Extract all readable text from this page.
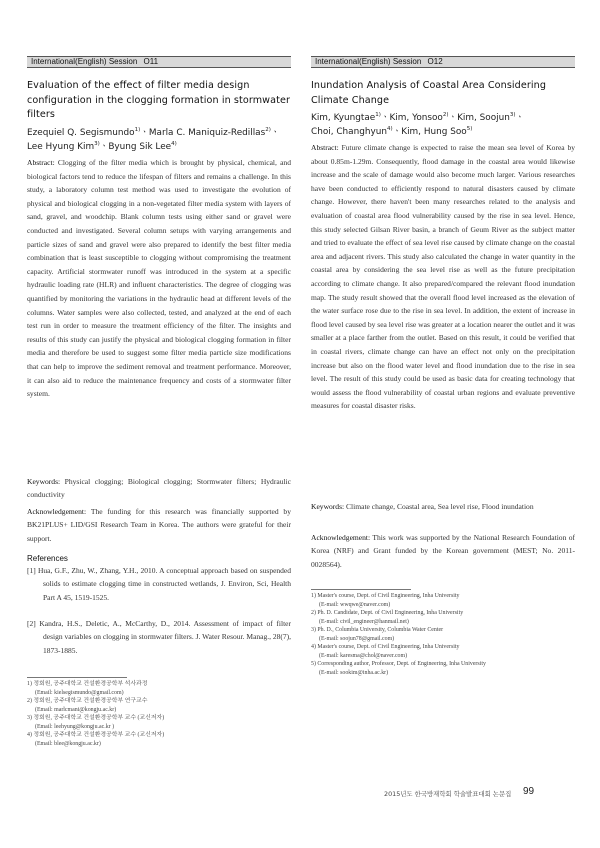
International(English) Session O11
Evaluation of the effect of filter media design configuration in the clogging formation in stormwater filters
Ezequiel Q. Segismundo$^{1)}$ㆍMarla C. Maniquiz-Redillas$^{2)}$ㆍ
Lee Hyung Kim$^{3)}$ㆍByung Sik Lee$^{4)}$
Abstract: Clogging of the filter media which is brought by physical, chemical, and biological factors tend to reduce the lifespan of filters and remains a challenge. In this study, a laboratory column test method was used to investigate the evolution of physical and biological clogging in a non-vegetated filter media system with layers of sand, gravel, and woodchip. Blank column tests using either sand or gravel were conducted and investigated. Several column setups with varying arrangements and particle sizes of sand and gravel were also prepared to identify the best filter media combination that is least susceptible to clogging without compromising the treatment capacity. Artificial stormwater runoff was introduced in the system at a specific hydraulic loading rate (HLR) and influent characteristics. The degree of clogging was quantified by monitoring the variations in the hydraulic head at different levels of the columns. Water samples were also collected, tested, and analyzed at the end of each test run in order to measure the treatment efficiency of the filter. The insights and results of this study can justify the physical and biological clogging formation in filter media and therefore be used to suggest some filter media particle size modifications that can help to improve the sediment removal and treatment performance. Moreover, it can also aid to reduce the maintenance frequency and costs of a stormwater filter system.
Keywords: Physical clogging; Biological clogging; Stormwater filters; Hydraulic conductivity
Acknowledgement: The funding for this research was financially supported by BK21PLUS+ LID/GSI Research Team in Korea. The authors were grateful for their support.
References
[1] Hua, G.F., Zhu, W., Zhang, Y.H., 2010. A conceptual approach based on suspended solids to estimate clogging time in constructed wetlands, J. Environ, Sci, Health Part A 45, 1519-1525.
[2] Kandra, H.S., Deletic, A., McCarthy, D., 2014. Assessment of impact of filter design variables on clogging in stormwater filters. J. Water Resour. Manag., 28(7), 1873-1885.
1) 정회원, 공주대학교 건설환경공학부 석사과정
(Email: kielsegismundo@gmail.com)
2) 정회원, 공주대학교 건설환경공학부 연구교수
(Email: marlcmani@kongju.ac.kr)
3) 정회원, 공주대학교 건설환경공학부 교수 (교신저자)
(Email: leehyung@kongju.ac.kr )
4) 정회원, 공주대학교 건설환경공학부 교수 (교신저자)
(Email: blee@kongju.ac.kr)
International(English) Session O12
Inundation Analysis of Coastal Area Considering Climate Change
Kim, Kyungtae$^{1)}$ㆍKim, Yonsoo$^{2)}$ㆍKim, Soojun$^{3)}$ㆍ
Choi, Changhyun$^{4)}$ㆍKim, Hung Soo$^{5)}$
Abstract: Future climate change is expected to raise the mean sea level of Korea by about 0.85m-1.29m. Consequently, flood damage in the coastal area would likewise increase and the scale of damage would also become much larger. Various researches have been conducted to efficiently respond to natural disasters caused by climate change. However, there haven't been many researches related to the analysis and evaluation of coastal area flood vulnerability caused by the rise in sea level. Hence, this study selected Gilsan River basin, a branch of Geum River as the subject matter and tried to evaluate the effect of sea level rise caused by climate change on the coastal area and adjacent rivers. This study also calculated the change in water quantity in the coastal area by considering the sea level rise as well as the future precipitation according to climate change. It also prepared/compared the relevant flood inundation map. The study result showed that the overall flood level increased as the elevation of the water surface rose due to the rise in sea level. In addition, the extent of increase in flood level caused by sea level rise was greater at a location nearer the outlet and it was smaller at a place farther from the outlet. Based on this result, it could be verified that in coastal rivers, climate change can have an effect not only on the precipitation increase but also on the flood water level and flood inundation due to the rise in sea level. The result of this study could be used as basic data for creating technology that would assess the flood vulnerability of coastal urban regions and evaluate preventive measures for coastal disaster risks.
Keywords: Climate change, Coastal area, Sea level rise, Flood inundation
Acknowledgement: This work was supported by the National Research Foundation of Korea (NRF) and Grant funded by the Korean government (MEST; No. 2011-0028564).
1) Master's course, Dept. of Civil Engineering, Inha University
(E-mail: wwqwe@naver.com)
2) Ph. D. Candidate, Dept. of Civil Engineering, Inha University
(E-mail: civil_engineer@hanmail.net)
3) Ph. D., Columbia University, Columbia Water Center
(E-mail: soojun78@gmail.com)
4) Master's course, Dept. of Civil Engineering, Inha University
(E-mail: karesma@chol@naver.com)
5) Corresponding author, Professor, Dept. of Engineering, Inha University
(E-mail: sookim@inha.ac.kr)
2015년도 한국방재학회 학술발표대회 논문집 99
